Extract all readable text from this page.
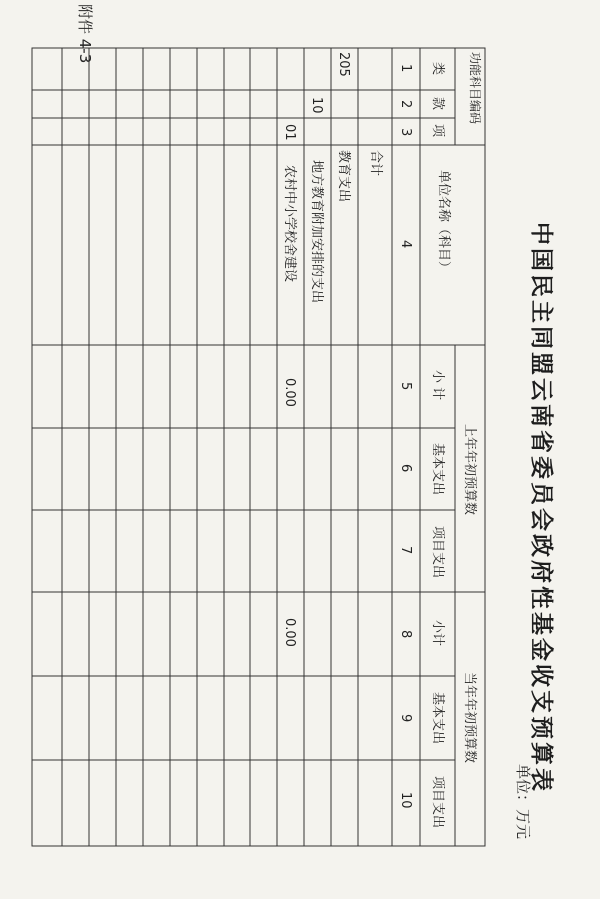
附件 4-3
中国民主同盟云南省委员会政府性基金收支预算表
单位：万元
功能科目编码
类
款
项
单位名称（科目）
上年年初预算数
当年年初预算数
小 计
基本支出
项目支出
小计
基本支出
项目支出
1
2
3
4
5
6
7
8
9
10
合计
205
教育支出
10
地方教育附加安排的支出
01
农村中小学校舍建设
0.00
0.00
